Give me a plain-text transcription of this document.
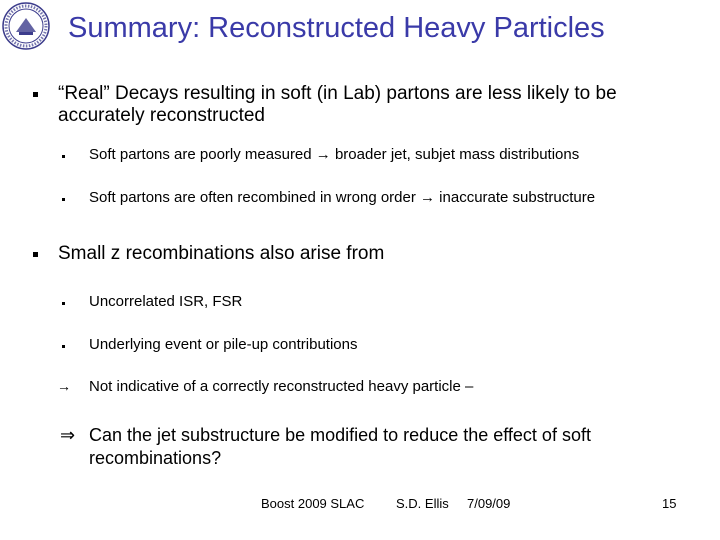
Summary: Reconstructed Heavy Particles
“Real” Decays resulting in soft (in Lab) partons are less likely to be accurately reconstructed
Soft partons are poorly measured → broader jet, subjet mass distributions
Soft partons are often recombined in wrong order → inaccurate substructure
Small z recombinations also arise from
Uncorrelated ISR, FSR
Underlying event or pile-up contributions
→ Not indicative of a correctly reconstructed heavy particle –
⇒ Can the jet substructure be modified to reduce the effect of soft recombinations?
Boost 2009 SLAC S.D. Ellis 7/09/09	15
